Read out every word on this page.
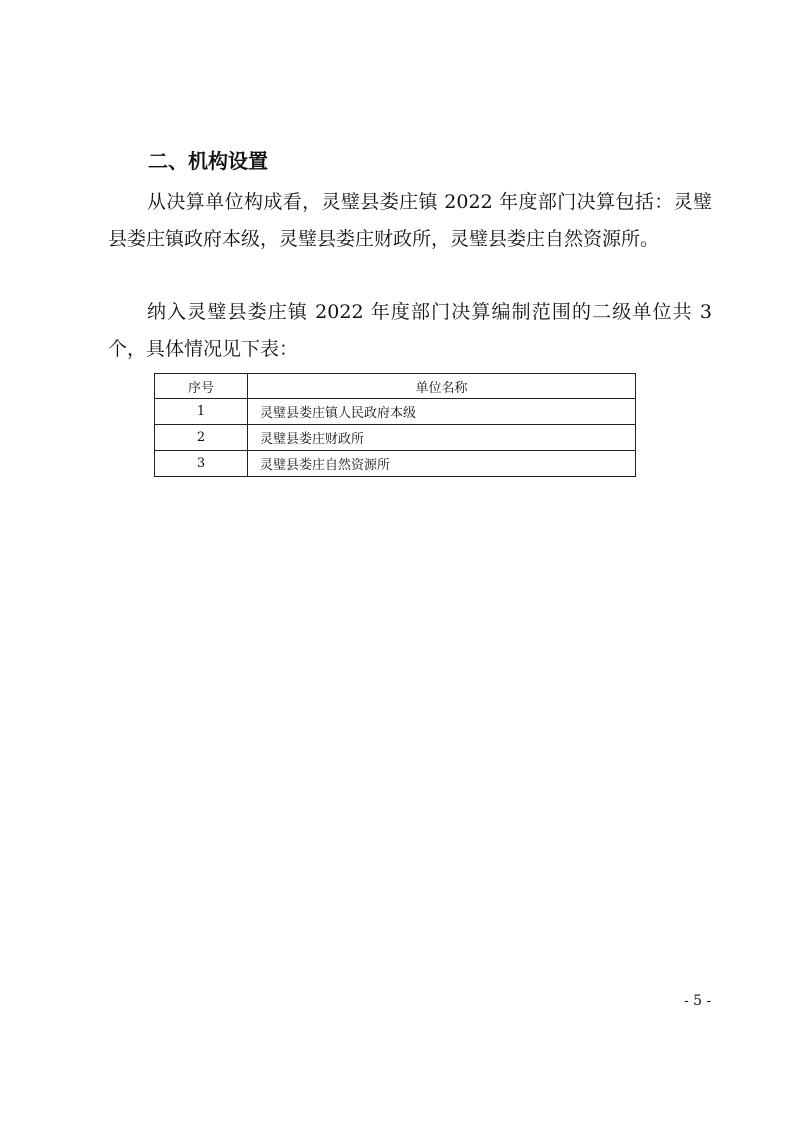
二、机构设置

从决算单位构成看，灵璧县娄庄镇 2022 年度部门决算包括：灵璧县娄庄镇政府本级，灵璧县娄庄财政所，灵璧县娄庄自然资源所。

纳入灵璧县娄庄镇 2022 年度部门决算编制范围的二级单位共 3 个，具体情况见下表：

序号	单位名称
1	灵璧县娄庄镇人民政府本级
2	灵璧县娄庄财政所
3	灵璧县娄庄自然资源所
- 5 -
